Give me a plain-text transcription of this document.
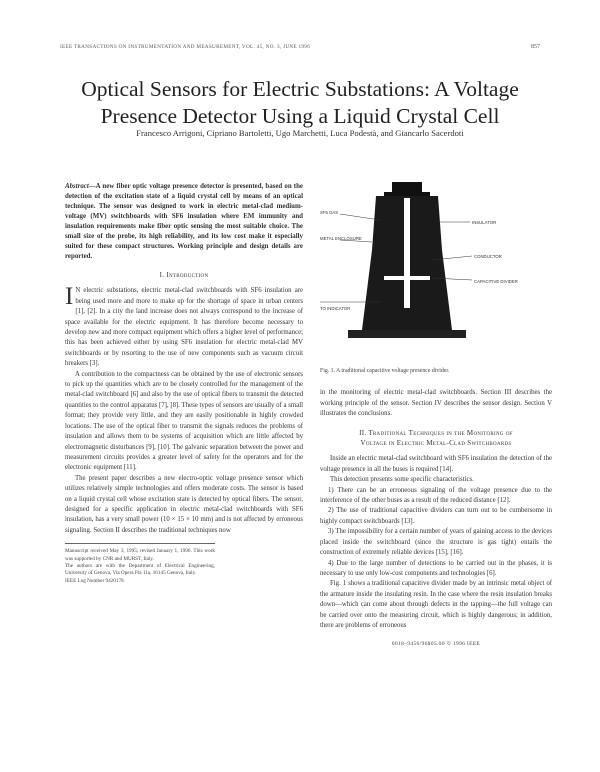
IEEE TRANSACTIONS ON INSTRUMENTATION AND MEASUREMENT, VOL. 45, NO. 3, JUNE 1996	857
Optical Sensors for Electric Substations: A Voltage
Presence Detector Using a Liquid Crystal Cell
Francesco Arrigoni, Cipriano Bartoletti, Ugo Marchetti, Luca Podestà, and Giancarlo Sacerdoti
Abstract—A new fiber optic voltage presence detector is presented, based on the detection of the excitation state of a liquid crystal cell by means of an optical technique. The sensor was designed to work in electric metal-clad medium-voltage (MV) switchboards with SF6 insulation where EM immunity and insulation requirements make fiber optic sensing the most suitable choice. The small size of the probe, its high reliability, and its low cost make it especially suited for these compact structures. Working principle and design details are reported.
I. Introduction

I N electric substations, electric metal-clad switchboards with SF6 insulation are being used more and more to make up for the shortage of space in urban centers [1], [2]. In a city the land increase does not always correspond to the increase of space available for the electric equipment. It has therefore become necessary to develop new and more compact equipment which offers a higher level of performance; this has been achieved either by using SF6 insulation for electric metal-clad MV switchboards or by resorting to the use of new components such as vacuum circuit breakers [3].

A contribution to the compactness can be obtained by the use of electronic sensors to pick up the quantities which are to be closely controlled for the management of the metal-clad switchboard [6] and also by the use of optical fibers to transmit the detected quantities to the control apparatus [7], [8]. These types of sensors are usually of a small format; they provide very little, and they are easily positionable in highly crowded locations. The use of the optical fiber to transmit the signals reduces the problems of insulation and allows them to be systems of acquisition which are little affected by electromagnetic disturbances [9], [10]. The galvanic separation between the power and measurement circuits provides a greater level of safety for the operators and for the electronic equipment [11].

The present paper describes a new electro-optic voltage presence sensor which utilizes relatively simple technologies and offers moderate costs. The sensor is based on a liquid crystal cell whose excitation state is detected by optical fibers. The sensor, designed for a specific application in electric metal-clad switchboards with SF6 insulation, has a very small power (10 × 15 × 10 mm) and is not affected by erroneous signaling. Section II describes the traditional techniques now

Manuscript received May 3, 1995; revised January 1, 1996. This work was supported by CNR and MURST, Italy.
The authors are with the Department of Electrical Engineering, University of Genova, Via Opera Pia 11a, 16145 Genova, Italy.
IEEE Log Number 9420178.
SF6 GAS
METAL ENCLOSURE
INSULATOR
CONDUCTOR
CAPACITIVE DIVIDER
TO INDICATOR
Fig. 1. A traditional capacitive voltage presence divider.

in the monitoring of electric metal-clad switchboards. Section III describes the working principle of the sensor. Section IV describes the sensor design. Section V illustrates the conclusions.

II. Traditional Techniques in the Monitoring of
Voltage in Electric Metal-Clad Switchboards

Inside an electric metal-clad switchboard with SF6 insulation the detection of the voltage presence in all the buses is required [14].

This detection presents some specific characteristics.

1) There can be an erroneous signaling of the voltage presence due to the interference of the other buses as a result of the reduced distance [12].

2) The use of traditional capacitive dividers can turn out to be cumbersome in highly compact switchboards [13].

3) The impossibility for a certain number of years of gaining access to the devices placed inside the switchboard (since the structure is gas tight) entails the construction of extremely reliable devices [15], [16].

4) Due to the large number of detections to be carried out in the phases, it is necessary to use only low-cost components and technologies [6].

Fig. 1 shows a traditional capacitive divider made by an intrinsic metal object of the armature inside the insulating resin. In the case where the resin insulation breaks down—which can come about through defects in the tapping—the full voltage can be carried over onto the measuring circuit, which is highly dangerous; in addition, there are problems of erroneous

0018–9456/96$05.00 © 1996 IEEE
